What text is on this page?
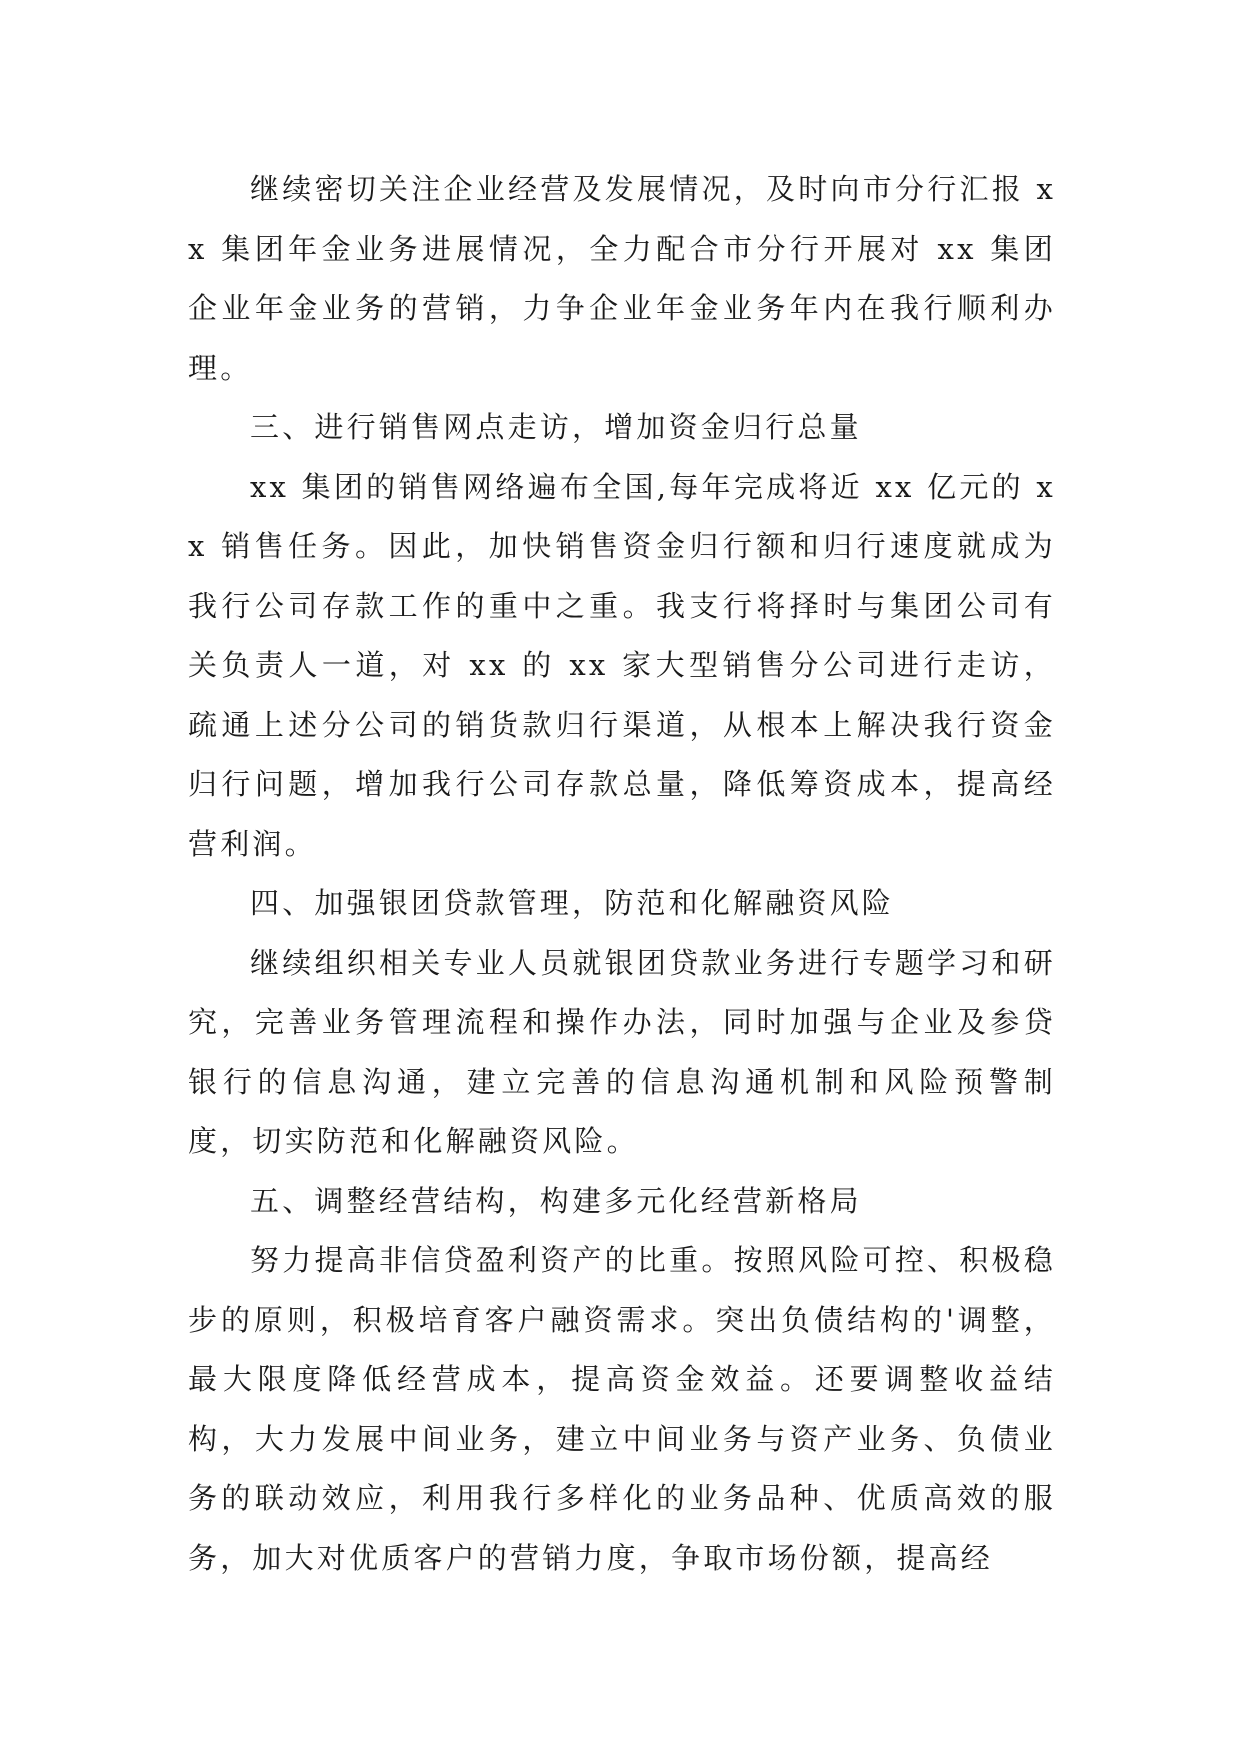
继续密切关注企业经营及发展情况，及时向市分行汇报 xx 集团年金业务进展情况，全力配合市分行开展对 xx 集团企业年金业务的营销，力争企业年金业务年内在我行顺利办理。

三、进行销售网点走访，增加资金归行总量

xx 集团的销售网络遍布全国,每年完成将近 xx 亿元的 xx 销售任务。因此，加快销售资金归行额和归行速度就成为我行公司存款工作的重中之重。我支行将择时与集团公司有关负责人一道，对 xx 的 xx 家大型销售分公司进行走访，疏通上述分公司的销货款归行渠道，从根本上解决我行资金归行问题，增加我行公司存款总量，降低筹资成本，提高经营利润。

四、加强银团贷款管理，防范和化解融资风险

继续组织相关专业人员就银团贷款业务进行专题学习和研究，完善业务管理流程和操作办法，同时加强与企业及参贷银行的信息沟通，建立完善的信息沟通机制和风险预警制度，切实防范和化解融资风险。

五、调整经营结构，构建多元化经营新格局

努力提高非信贷盈利资产的比重。按照风险可控、积极稳步的原则，积极培育客户融资需求。突出负债结构的'调整，最大限度降低经营成本，提高资金效益。还要调整收益结构，大力发展中间业务，建立中间业务与资产业务、负债业务的联动效应，利用我行多样化的业务品种、优质高效的服务，加大对优质客户的营销力度，争取市场份额，提高经
